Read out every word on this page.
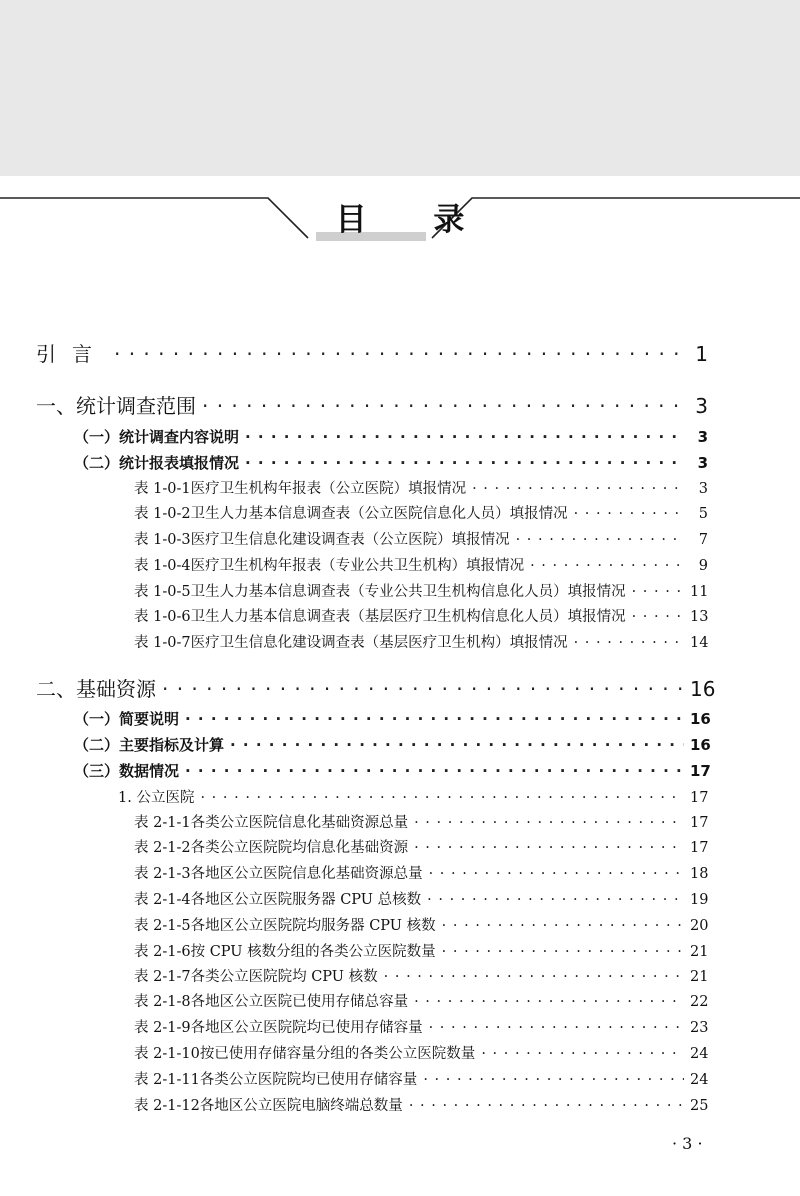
目 录
引言 · · ·	1
一、统计调查范围 · · ·	3
（一）统计调查内容说明 · · ·	3
（二）统计报表填报情况 · · ·	3
表 1-0-1 医疗卫生机构年报表（公立医院）填报情况 · · ·	3
表 1-0-2 卫生人力基本信息调查表（公立医院信息化人员）填报情况 · · ·	5
表 1-0-3 医疗卫生信息化建设调查表（公立医院）填报情况 · · ·	7
表 1-0-4 医疗卫生机构年报表（专业公共卫生机构）填报情况 · · ·	9
表 1-0-5 卫生人力基本信息调查表（专业公共卫生机构信息化人员）填报情况 · · ·	11
表 1-0-6 卫生人力基本信息调查表（基层医疗卫生机构信息化人员）填报情况 · · ·	13
表 1-0-7 医疗卫生信息化建设调查表（基层医疗卫生机构）填报情况 · · ·	14
二、基础资源 · · ·	16
（一）简要说明 · · ·	16
（二）主要指标及计算 · · ·	16
（三）数据情况 · · ·	17
1. 公立医院 · · ·	17
表 2-1-1 各类公立医院信息化基础资源总量 · · ·	17
表 2-1-2 各类公立医院院均信息化基础资源 · · ·	17
表 2-1-3 各地区公立医院信息化基础资源总量 · · ·	18
表 2-1-4 各地区公立医院服务器 CPU 总核数 · · ·	19
表 2-1-5 各地区公立医院院均服务器 CPU 核数 · · ·	20
表 2-1-6 按 CPU 核数分组的各类公立医院数量 · · ·	21
表 2-1-7 各类公立医院院均 CPU 核数 · · ·	21
表 2-1-8 各地区公立医院已使用存储总容量 · · ·	22
表 2-1-9 各地区公立医院院均已使用存储容量 · · ·	23
表 2-1-10 按已使用存储容量分组的各类公立医院数量 · · ·	24
表 2-1-11 各类公立医院院均已使用存储容量 · · ·	24
表 2-1-12 各地区公立医院电脑终端总数量 · · ·	25
· 3 ·
